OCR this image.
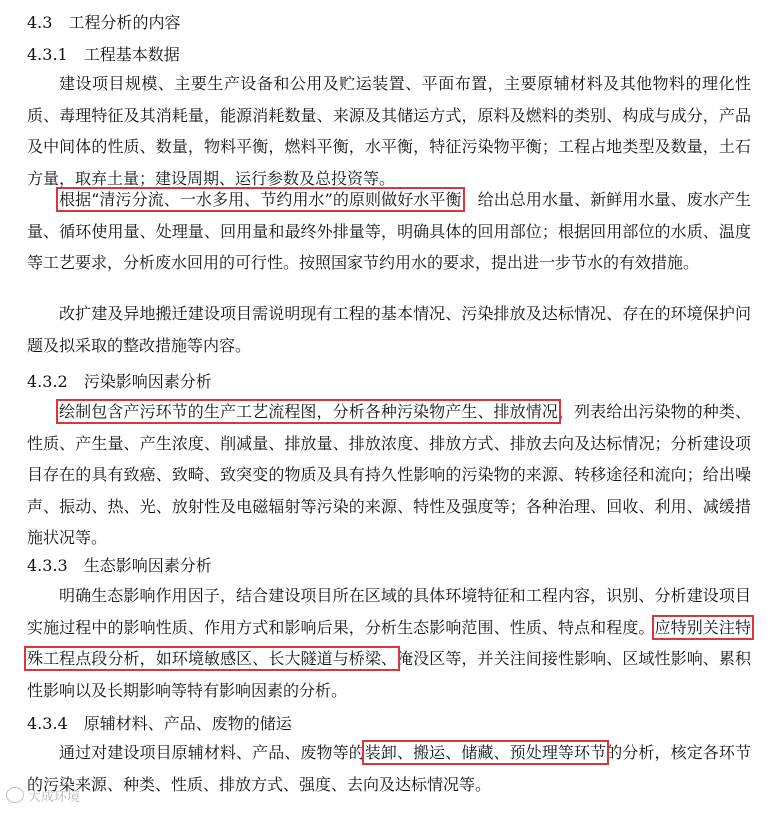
4.3 工程分析的内容
4.3.1 工程基本数据

建设项目规模、主要生产设备和公用及贮运装置、平面布置，主要原辅材料及其他物料的理化性质、毒理特征及其消耗量，能源消耗数量、来源及其储运方式，原料及燃料的类别、构成与成分，产品及中间体的性质、数量，物料平衡，燃料平衡，水平衡，特征污染物平衡；工程占地类型及数量，土石方量，取弃土量；建设周期、运行参数及总投资等。

根据“清污分流、一水多用、节约用水”的原则做好水平衡，给出总用水量、新鲜用水量、废水产生量、循环使用量、处理量、回用量和最终外排量等，明确具体的回用部位；根据回用部位的水质、温度等工艺要求，分析废水回用的可行性。按照国家节约用水的要求，提出进一步节水的有效措施。

改扩建及异地搬迁建设项目需说明现有工程的基本情况、污染排放及达标情况、存在的环境保护问题及拟采取的整改措施等内容。

4.3.2 污染影响因素分析

绘制包含产污环节的生产工艺流程图，分析各种污染物产生、排放情况，列表给出污染物的种类、性质、产生量、产生浓度、削减量、排放量、排放浓度、排放方式、排放去向及达标情况；分析建设项目存在的具有致癌、致畸、致突变的物质及具有持久性影响的污染物的来源、转移途径和流向；给出噪声、振动、热、光、放射性及电磁辐射等污染的来源、特性及强度等；各种治理、回收、利用、减缓措施状况等。

4.3.3 生态影响因素分析

明确生态影响作用因子，结合建设项目所在区域的具体环境特征和工程内容，识别、分析建设项目实施过程中的影响性质、作用方式和影响后果，分析生态影响范围、性质、特点和程度。应特别关注特殊工程点段分析，如环境敏感区、长大隧道与桥梁、淹没区等，并关注间接性影响、区域性影响、累积性影响以及长期影响等特有影响因素的分析。

4.3.4 原辅材料、产品、废物的储运

通过对建设项目原辅材料、产品、废物等的装卸、搬运、储藏、预处理等环节的分析，核定各环节的污染来源、种类、性质、排放方式、强度、去向及达标情况等。

大成环境
